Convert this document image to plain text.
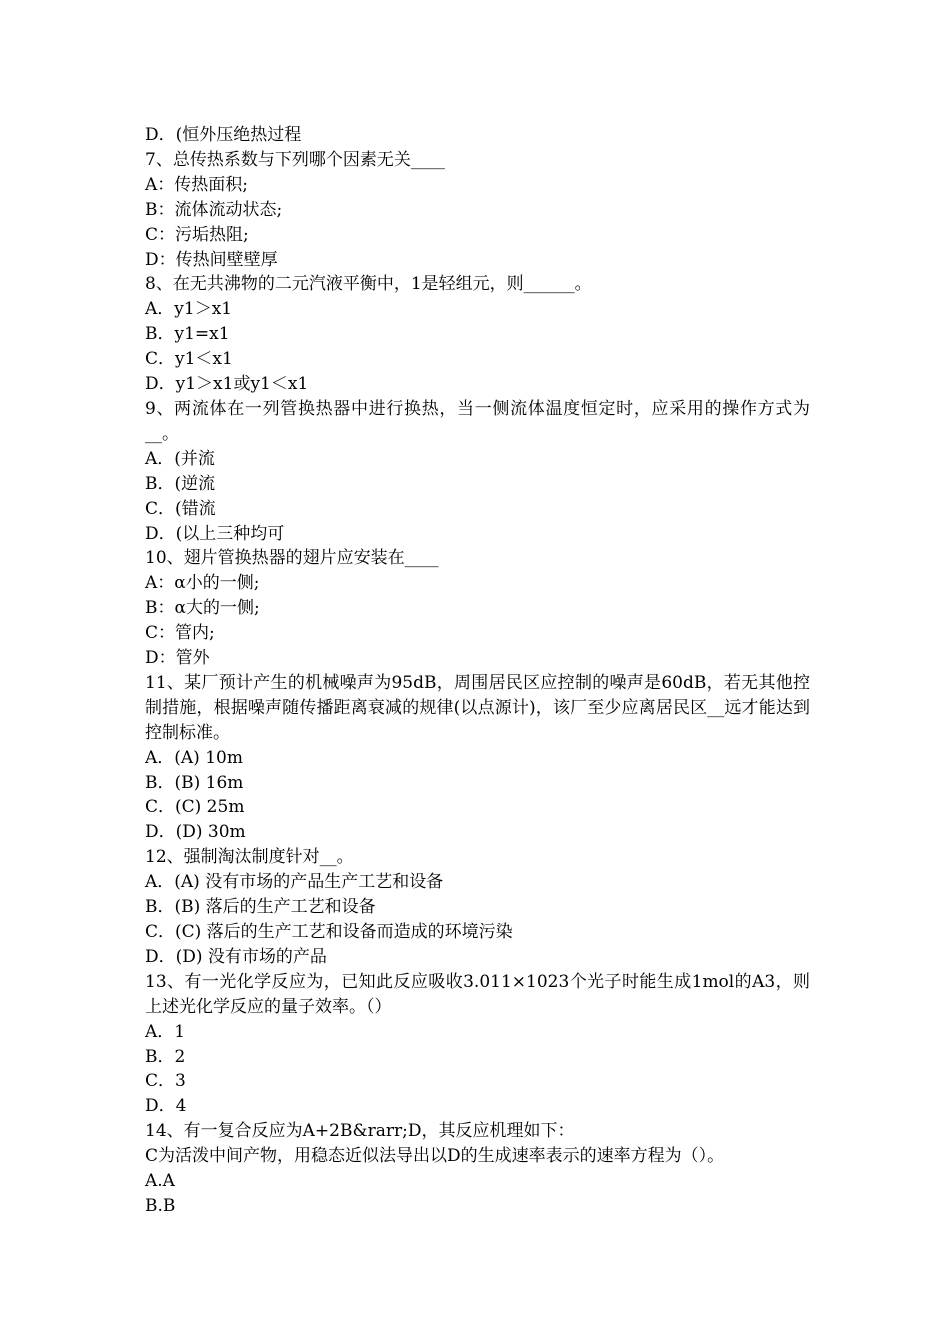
D．(恒外压绝热过程
7、总传热系数与下列哪个因素无关____
A：传热面积;
B：流体流动状态;
C：污垢热阻;
D：传热间壁壁厚
8、在无共沸物的二元汽液平衡中，1是轻组元，则______。
A．y1＞x1
B．y1=x1
C．y1＜x1
D．y1＞x1或y1＜x1
9、两流体在一列管换热器中进行换热，当一侧流体温度恒定时，应采用的操作方式为__。
A．(并流
B．(逆流
C．(错流
D．(以上三种均可
10、翅片管换热器的翅片应安装在____
A：α小的一侧;
B：α大的一侧;
C：管内;
D：管外
11、某厂预计产生的机械噪声为95dB，周围居民区应控制的噪声是60dB，若无其他控制措施，根据噪声随传播距离衰减的规律(以点源计)，该厂至少应离居民区__远才能达到控制标准。
A．(A) 10m
B．(B) 16m
C．(C) 25m
D．(D) 30m
12、强制淘汰制度针对__。
A．(A) 没有市场的产品生产工艺和设备
B．(B) 落后的生产工艺和设备
C．(C) 落后的生产工艺和设备而造成的环境污染
D．(D) 没有市场的产品
13、有一光化学反应为，已知此反应吸收3.011×1023个光子时能生成1mol的A3，则上述光化学反应的量子效率。（）
A．1
B．2
C．3
D．4
14、有一复合反应为A+2B&rarr;D，其反应机理如下：
C为活泼中间产物，用稳态近似法导出以D的生成速率表示的速率方程为（）。
A.A
B.B
